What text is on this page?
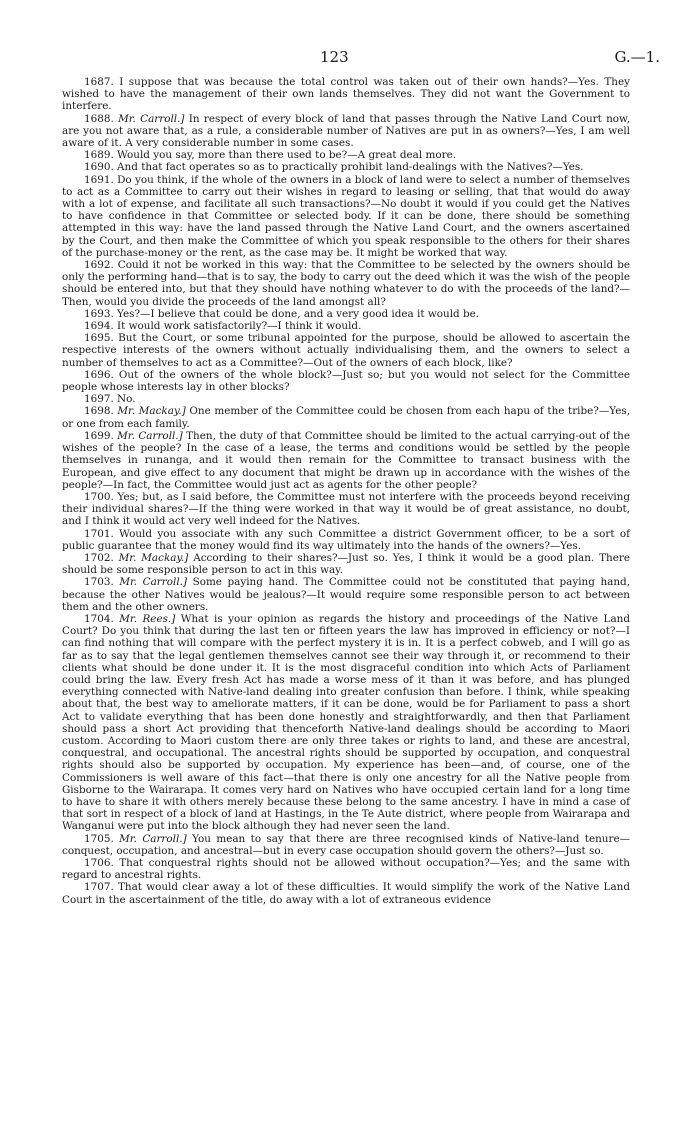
123	G.—1.

1687. I suppose that was because the total control was taken out of their own hands?—Yes. They wished to have the management of their own lands themselves. They did not want the Government to interfere.

1688. Mr. Carroll.] In respect of every block of land that passes through the Native Land Court now, are you not aware that, as a rule, a considerable number of Natives are put in as owners?—Yes, I am well aware of it. A very considerable number in some cases.

1689. Would you say, more than there used to be?—A great deal more.

1690. And that fact operates so as to practically prohibit land-dealings with the Natives?—Yes.

1691. Do you think, if the whole of the owners in a block of land were to select a number of themselves to act as a Committee to carry out their wishes in regard to leasing or selling, that that would do away with a lot of expense, and facilitate all such transactions?—No doubt it would if you could get the Natives to have confidence in that Committee or selected body. If it can be done, there should be something attempted in this way: have the land passed through the Native Land Court, and the owners ascertained by the Court, and then make the Committee of which you speak responsible to the others for their shares of the purchase-money or the rent, as the case may be. It might be worked that way.

1692. Could it not be worked in this way: that the Committee to be selected by the owners should be only the performing hand—that is to say, the body to carry out the deed which it was the wish of the people should be entered into, but that they should have nothing whatever to do with the proceeds of the land?—Then, would you divide the proceeds of the land amongst all?

1693. Yes?—I believe that could be done, and a very good idea it would be.

1694. It would work satisfactorily?—I think it would.

1695. But the Court, or some tribunal appointed for the purpose, should be allowed to ascertain the respective interests of the owners without actually individualising them, and the owners to select a number of themselves to act as a Committee?—Out of the owners of each block, like?

1696. Out of the owners of the whole block?—Just so; but you would not select for the Committee people whose interests lay in other blocks?

1697. No.

1698. Mr. Mackay.] One member of the Committee could be chosen from each hapu of the tribe?—Yes, or one from each family.

1699. Mr. Carroll.] Then, the duty of that Committee should be limited to the actual carrying-out of the wishes of the people? In the case of a lease, the terms and conditions would be settled by the people themselves in runanga, and it would then remain for the Committee to transact business with the European, and give effect to any document that might be drawn up in accordance with the wishes of the people?—In fact, the Committee would just act as agents for the other people?

1700. Yes; but, as I said before, the Committee must not interfere with the proceeds beyond receiving their individual shares?—If the thing were worked in that way it would be of great assistance, no doubt, and I think it would act very well indeed for the Natives.

1701. Would you associate with any such Committee a district Government officer, to be a sort of public guarantee that the money would find its way ultimately into the hands of the owners?—Yes.

1702. Mr. Mackay.] According to their shares?—Just so. Yes, I think it would be a good plan. There should be some responsible person to act in this way.

1703. Mr. Carroll.] Some paying hand. The Committee could not be constituted that paying hand, because the other Natives would be jealous?—It would require some responsible person to act between them and the other owners.

1704. Mr. Rees.] What is your opinion as regards the history and proceedings of the Native Land Court? Do you think that during the last ten or fifteen years the law has improved in efficiency or not?—I can find nothing that will compare with the perfect mystery it is in. It is a perfect cobweb, and I will go as far as to say that the legal gentlemen themselves cannot see their way through it, or recommend to their clients what should be done under it. It is the most disgraceful condition into which Acts of Parliament could bring the law. Every fresh Act has made a worse mess of it than it was before, and has plunged everything connected with Native-land dealing into greater confusion than before. I think, while speaking about that, the best way to ameliorate matters, if it can be done, would be for Parliament to pass a short Act to validate everything that has been done honestly and straightforwardly, and then that Parliament should pass a short Act providing that thenceforth Native-land dealings should be according to Maori custom. According to Maori custom there are only three takes or rights to land, and these are ancestral, conquestral, and occupational. The ancestral rights should be supported by occupation, and conquestral rights should also be supported by occupation. My experience has been—and, of course, one of the Commissioners is well aware of this fact—that there is only one ancestry for all the Native people from Gisborne to the Wairarapa. It comes very hard on Natives who have occupied certain land for a long time to have to share it with others merely because these belong to the same ancestry. I have in mind a case of that sort in respect of a block of land at Hastings, in the Te Aute district, where people from Wairarapa and Wanganui were put into the block although they had never seen the land.

1705. Mr. Carroll.] You mean to say that there are three recognised kinds of Native-land tenure—conquest, occupation, and ancestral—but in every case occupation should govern the others?—Just so.

1706. That conquestral rights should not be allowed without occupation?—Yes; and the same with regard to ancestral rights.

1707. That would clear away a lot of these difficulties. It would simplify the work of the Native Land Court in the ascertainment of the title, do away with a lot of extraneous evidence
